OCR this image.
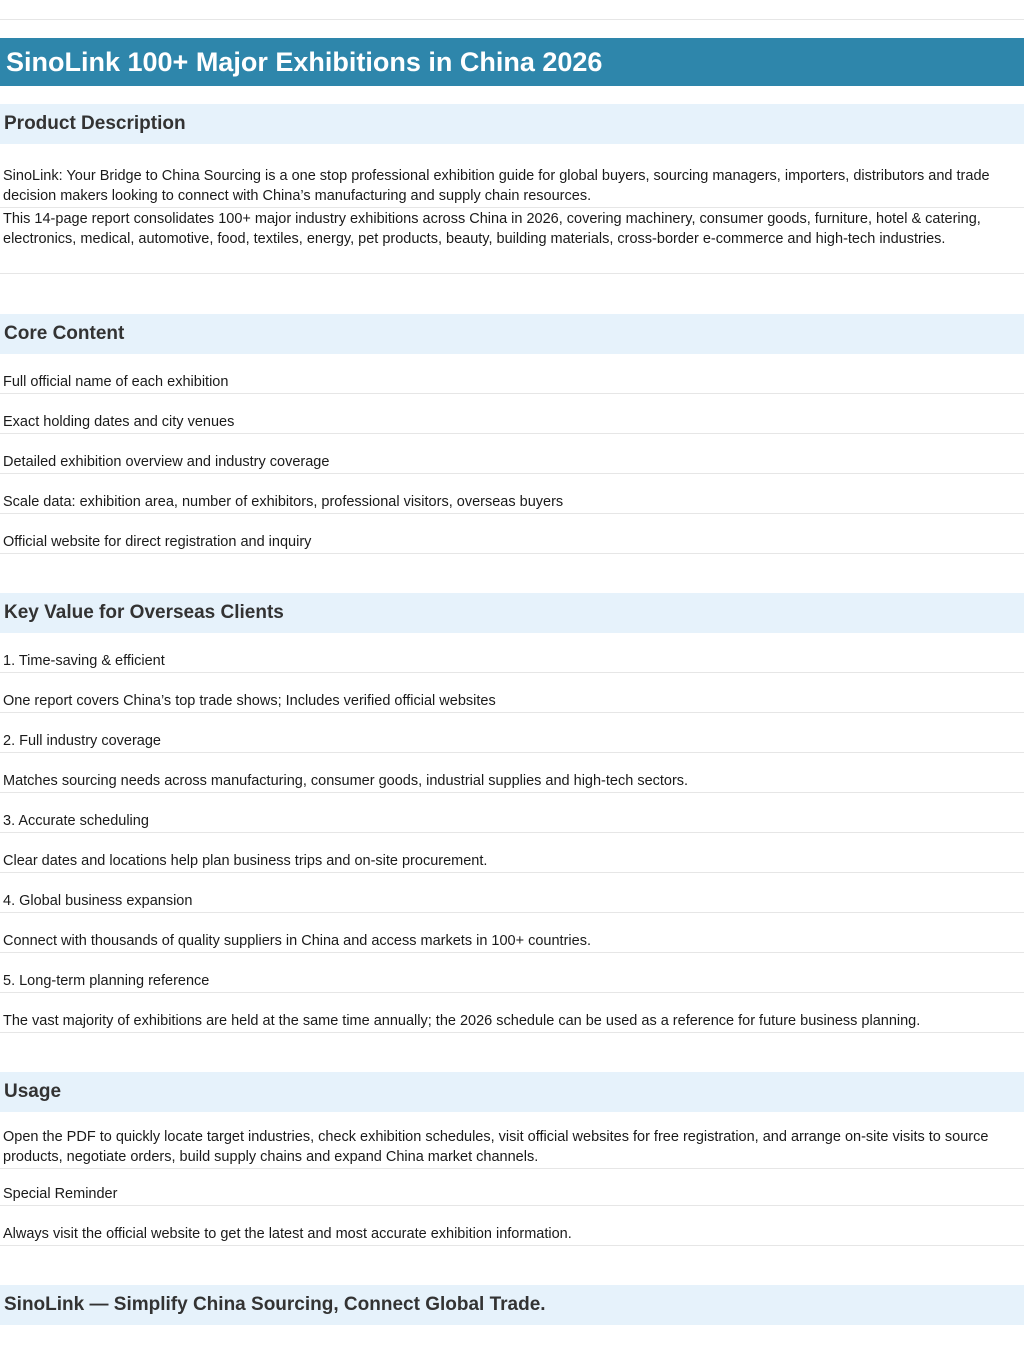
SinoLink 100+ Major Exhibitions in China 2026
Product Description
SinoLink: Your Bridge to China Sourcing is a one stop professional exhibition guide for global buyers, sourcing managers, importers, distributors and trade decision makers looking to connect with China’s manufacturing and supply chain resources.
This 14-page report consolidates 100+ major industry exhibitions across China in 2026, covering machinery, consumer goods, furniture, hotel & catering, electronics, medical, automotive, food, textiles, energy, pet products, beauty, building materials, cross-border e-commerce and high-tech industries.
Core Content
Full official name of each exhibition
Exact holding dates and city venues
Detailed exhibition overview and industry coverage
Scale data: exhibition area, number of exhibitors, professional visitors, overseas buyers
Official website for direct registration and inquiry
Key Value for Overseas Clients
1. Time-saving & efficient
One report covers China’s top trade shows; Includes verified official websites
2. Full industry coverage
Matches sourcing needs across manufacturing, consumer goods, industrial supplies and high-tech sectors.
3. Accurate scheduling
Clear dates and locations help plan business trips and on-site procurement.
4. Global business expansion
Connect with thousands of quality suppliers in China and access markets in 100+ countries.
5. Long-term planning reference
The vast majority of exhibitions are held at the same time annually; the 2026 schedule can be used as a reference for future business planning.
Usage
Open the PDF to quickly locate target industries, check exhibition schedules, visit official websites for free registration, and arrange on-site visits to source products, negotiate orders, build supply chains and expand China market channels.
Special Reminder
Always visit the official website to get the latest and most accurate exhibition information.
SinoLink — Simplify China Sourcing, Connect Global Trade.
